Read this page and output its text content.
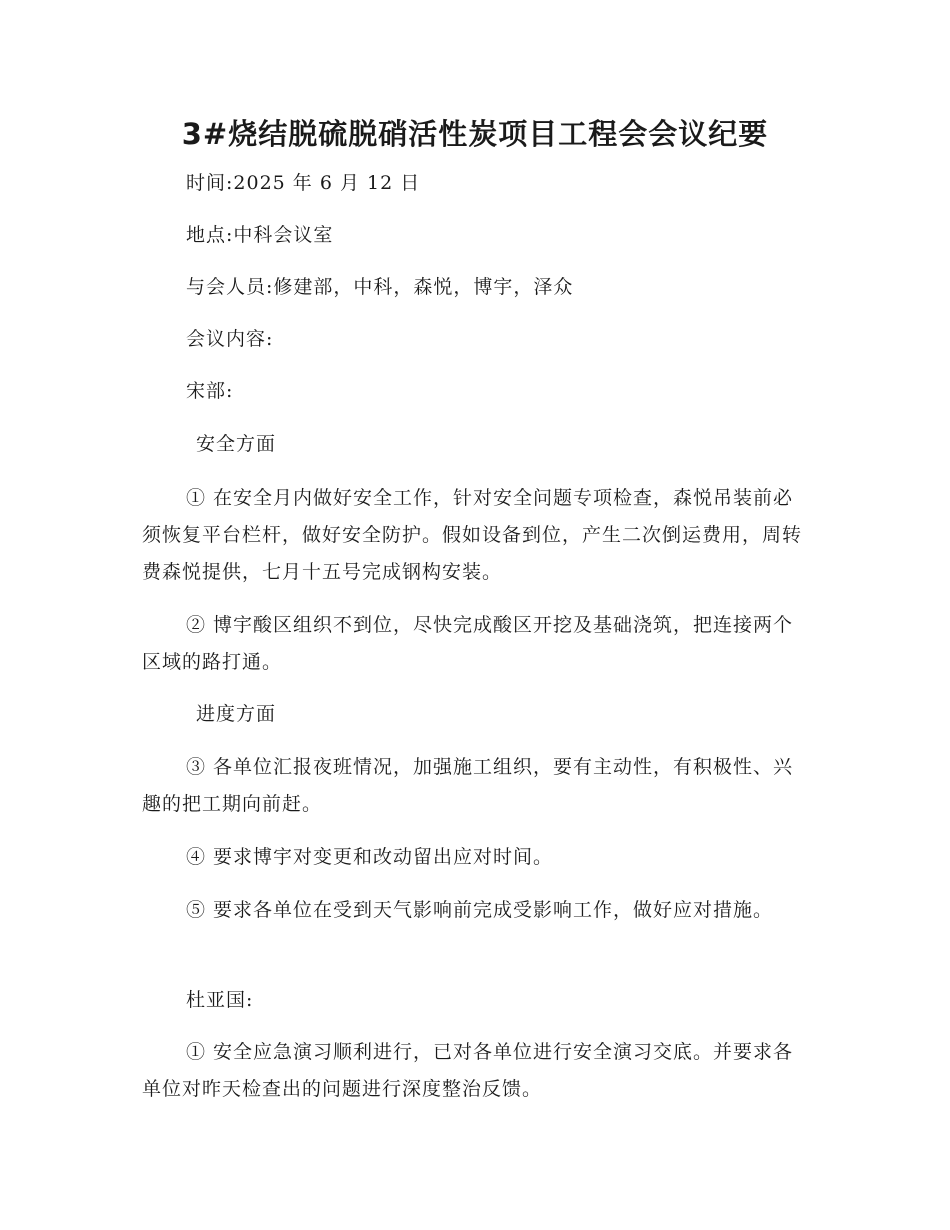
3#烧结脱硫脱硝活性炭项目工程会会议纪要

时间:2025 年 6 月 12 日

地点:中科会议室

与会人员:修建部，中科，森悦，博宇，泽众

会议内容:

宋部:

安全方面

① 在安全月内做好安全工作，针对安全问题专项检查，森悦吊装前必须恢复平台栏杆，做好安全防护。假如设备到位，产生二次倒运费用，周转费森悦提供，七月十五号完成钢构安装。

② 博宇酸区组织不到位，尽快完成酸区开挖及基础浇筑，把连接两个区域的路打通。

进度方面

③ 各单位汇报夜班情况，加强施工组织，要有主动性，有积极性、兴趣的把工期向前赶。

④ 要求博宇对变更和改动留出应对时间。

⑤ 要求各单位在受到天气影响前完成受影响工作，做好应对措施。

杜亚国:

① 安全应急演习顺利进行，已对各单位进行安全演习交底。并要求各单位对昨天检查出的问题进行深度整治反馈。
